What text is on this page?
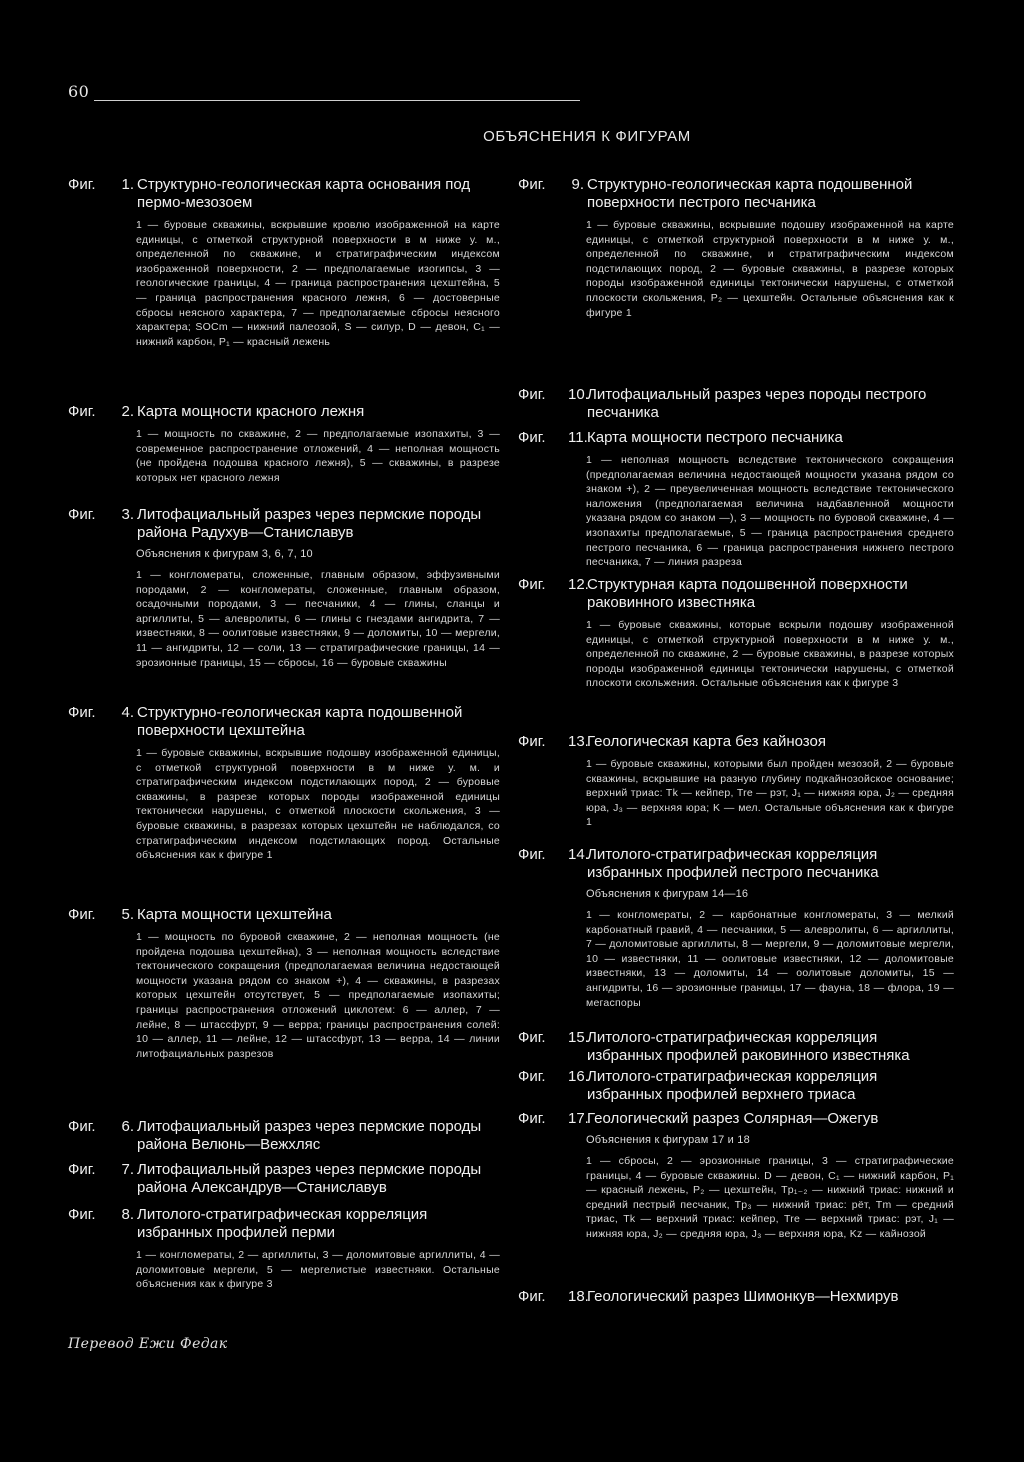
60
ОБЪЯСНЕНИЯ К ФИГУРАМ
Фиг.	1. Структурно-геологическая карта основания под пермо-мезозоем
1 — буровые скважины, вскрывшие кровлю изображенной на карте единицы, с отметкой структурной поверхности в м ниже у. м., определенной по скважине, и стратиграфическим индексом изображенной поверхности, 2 — предполагаемые изогипсы, 3 — геологические границы, 4 — граница распространения цехштейна, 5 — граница распространения красного лежня, 6 — достоверные сбросы неясного характера, 7 — предполагаемые сбросы неясного характера; SOCm — нижний палеозой, S — силур, D — девон, C₁ — нижний карбон, P₁ — красный лежень
Фиг.	2. Карта мощности красного лежня
1 — мощность по скважине, 2 — предполагаемые изопахиты, 3 — современное распространение отложений, 4 — неполная мощность (не пройдена подошва красного лежня), 5 — скважины, в разрезе которых нет красного лежня
Фиг.	3. Литофациальный разрез через пермские породы района Радухув—Станиславув
Объяснения к фигурам 3, 6, 7, 10
1 — конгломераты, сложенные, главным образом, эффузивными породами, 2 — конгломераты, сложенные, главным образом, осадочными породами, 3 — песчаники, 4 — глины, сланцы и аргиллиты, 5 — алевролиты, 6 — глины с гнездами ангидрита, 7 — известняки, 8 — оолитовые известняки, 9 — доломиты, 10 — мергели, 11 — ангидриты, 12 — соли, 13 — стратиграфические границы, 14 — эрозионные границы, 15 — сбросы, 16 — буровые скважины
Фиг.	4. Структурно-геологическая карта подошвенной поверхности цехштейна
1 — буровые скважины, вскрывшие подошву изображенной единицы, с отметкой структурной поверхности в м ниже у. м. и стратиграфическим индексом подстилающих пород, 2 — буровые скважины, в разрезе которых породы изображенной единицы тектонически нарушены, с отметкой плоскости скольжения, 3 — буровые скважины, в разрезах которых цехштейн не наблюдался, со стратиграфическим индексом подстилающих пород. Остальные объяснения как к фигуре 1
Фиг.	5. Карта мощности цехштейна
1 — мощность по буровой скважине, 2 — неполная мощность (не пройдена подошва цехштейна), 3 — неполная мощность вследствие тектонического сокращения (предполагаемая величина недостающей мощности указана рядом со знаком +), 4 — скважины, в разрезах которых цехштейн отсутствует, 5 — предполагаемые изопахиты; границы распространения отложений циклотем: 6 — аллер, 7 — лейне, 8 — штассфурт, 9 — верра; границы распространения солей: 10 — аллер, 11 — лейне, 12 — штассфурт, 13 — верра, 14 — линии литофациальных разрезов
Фиг.	6. Литофациальный разрез через пермские породы района Велюнь—Вежхляс
Фиг.	7. Литофациальный разрез через пермские породы района Александрув—Станиславув
Фиг.	8. Литолого-стратиграфическая корреляция избранных профилей перми
1 — конгломераты, 2 — аргиллиты, 3 — доломитовые аргиллиты, 4 — доломитовые мергели, 5 — мергелистые известняки. Остальные объяснения как к фигуре 3
Фиг.	9. Структурно-геологическая карта подошвенной поверхности пестрого песчаника
1 — буровые скважины, вскрывшие подошву изображенной на карте единицы, с отметкой структурной поверхности в м ниже у. м., определенной по скважине, и стратиграфическим индексом подстилающих пород, 2 — буровые скважины, в разрезе которых породы изображенной единицы тектонически нарушены, с отметкой плоскости скольжения, P₂ — цехштейн. Остальные объяснения как к фигуре 1
Фиг.	10.
Литофациальный разрез через породы пестрого песчаника
Фиг.	11. Карта мощности пестрого песчаника
1 — неполная мощность вследствие тектонического сокращения (предполагаемая величина недостающей мощности указана рядом со знаком +), 2 — преувеличенная мощность вследствие тектонического наложения (предполагаемая величина надбавленной мощности указана рядом со знаком —), 3 — мощность по буровой скважине, 4 — изопахиты предполагаемые, 5 — граница распространения среднего пестрого песчаника, 6 — граница распространения нижнего пестрого песчаника, 7 — линия разреза
Фиг.	12.
Структурная карта подошвенной поверхности раковинного известняка
1 — буровые скважины, которые вскрыли подошву изображенной единицы, с отметкой структурной поверхности в м ниже у. м., определенной по скважине, 2 — буровые скважины, в разрезе которых породы изображенной единицы тектонически нарушены, с отметкой плоскоти скольжения. Остальные объяснения как к фигуре 3
Фиг.	13.
Геологическая карта без кайнозоя
1 — буровые скважины, которыми был пройден мезозой, 2 — буровые скважины, вскрывшие на разную глубину подкайнозойское основание; верхний триас: Tk — кейпер, Tre — рэт, J₁ — нижняя юра, J₂ — средняя юра, J₃ — верхняя юра; K — мел. Остальные объяснения как к фигуре 1
Фиг.	14.
Литолого-стратиграфическая корреляция избранных профилей пестрого песчаника
Объяснения к фигурам 14—16
1 — конгломераты, 2 — карбонатные конгломераты, 3 — мелкий карбонатный гравий, 4 — песчаники, 5 — алевролиты, 6 — аргиллиты, 7 — доломитовые аргиллиты, 8 — мергели, 9 — доломитовые мергели, 10 — известняки, 11 — оолитовые известняки, 12 — доломитовые известняки, 13 — доломиты, 14 — оолитовые доломиты, 15 — ангидриты, 16 — эрозионные границы, 17 — фауна, 18 — флора, 19 — мегаспоры
Фиг.	15.
Литолого-стратиграфическая корреляция избранных профилей раковинного известняка
Фиг.	16.
Литолого-стратиграфическая корреляция избранных профилей верхнего триаса
Фиг.	17.
Геологический разрез Солярная—Ожегув
Объяснения к фигурам 17 и 18
1 — сбросы, 2 — эрозионные границы, 3 — стратиграфические границы, 4 — буровые скважины. D — девон, C₁ — нижний карбон, P₁ — красный лежень, P₂ — цехштейн, Tp₁₋₂ — нижний триас: нижний и средний пестрый песчаник, Tp₃ — нижний триас: рёт, Tm — средний триас, Tk — верхний триас: кейпер, Tre — верхний триас: рэт, J₁ — нижняя юра, J₂ — средняя юра, J₃ — верхняя юра, Kz — кайнозой
Фиг.	18.
Геологический разрез Шимонкув—Нехмирув
Перевод Ежи Федак
